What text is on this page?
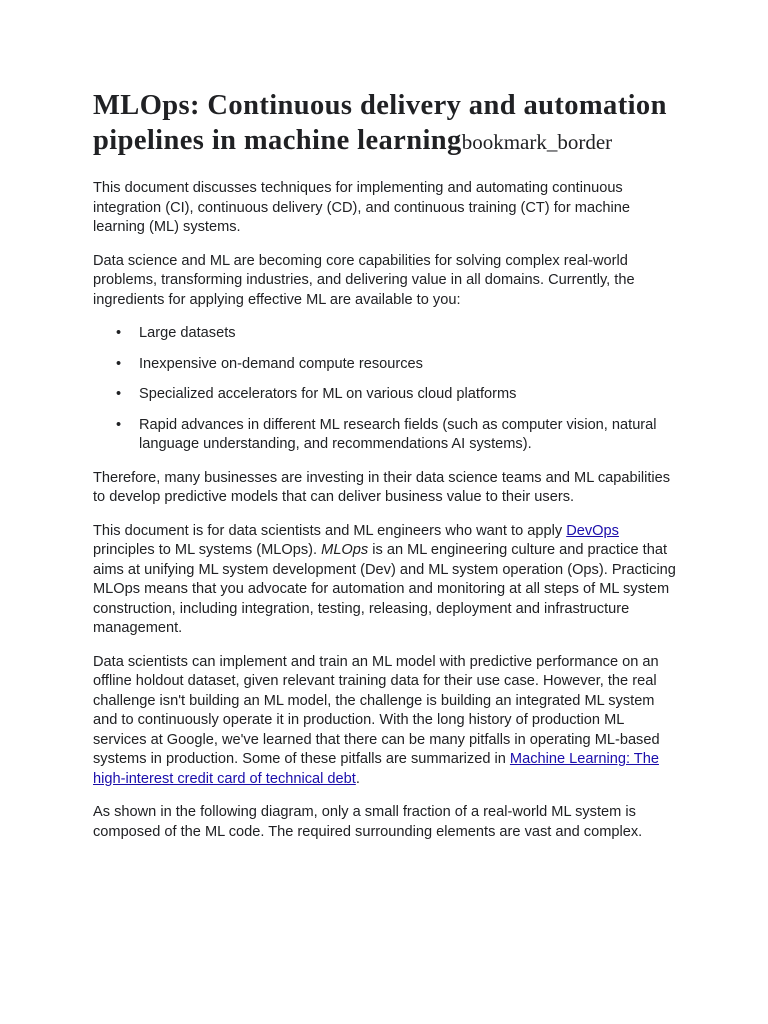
MLOps: Continuous delivery and automation pipelines in machine learningbookmark_border

This document discusses techniques for implementing and automating continuous integration (CI), continuous delivery (CD), and continuous training (CT) for machine learning (ML) systems.

Data science and ML are becoming core capabilities for solving complex real-world problems, transforming industries, and delivering value in all domains. Currently, the ingredients for applying effective ML are available to you:

• Large datasets
• Inexpensive on-demand compute resources
• Specialized accelerators for ML on various cloud platforms
• Rapid advances in different ML research fields (such as computer vision, natural language understanding, and recommendations AI systems).

Therefore, many businesses are investing in their data science teams and ML capabilities to develop predictive models that can deliver business value to their users.

This document is for data scientists and ML engineers who want to apply DevOps principles to ML systems (MLOps). MLOps is an ML engineering culture and practice that aims at unifying ML system development (Dev) and ML system operation (Ops). Practicing MLOps means that you advocate for automation and monitoring at all steps of ML system construction, including integration, testing, releasing, deployment and infrastructure management.

Data scientists can implement and train an ML model with predictive performance on an offline holdout dataset, given relevant training data for their use case. However, the real challenge isn't building an ML model, the challenge is building an integrated ML system and to continuously operate it in production. With the long history of production ML services at Google, we've learned that there can be many pitfalls in operating ML-based systems in production. Some of these pitfalls are summarized in Machine Learning: The high-interest credit card of technical debt.

As shown in the following diagram, only a small fraction of a real-world ML system is composed of the ML code. The required surrounding elements are vast and complex.
